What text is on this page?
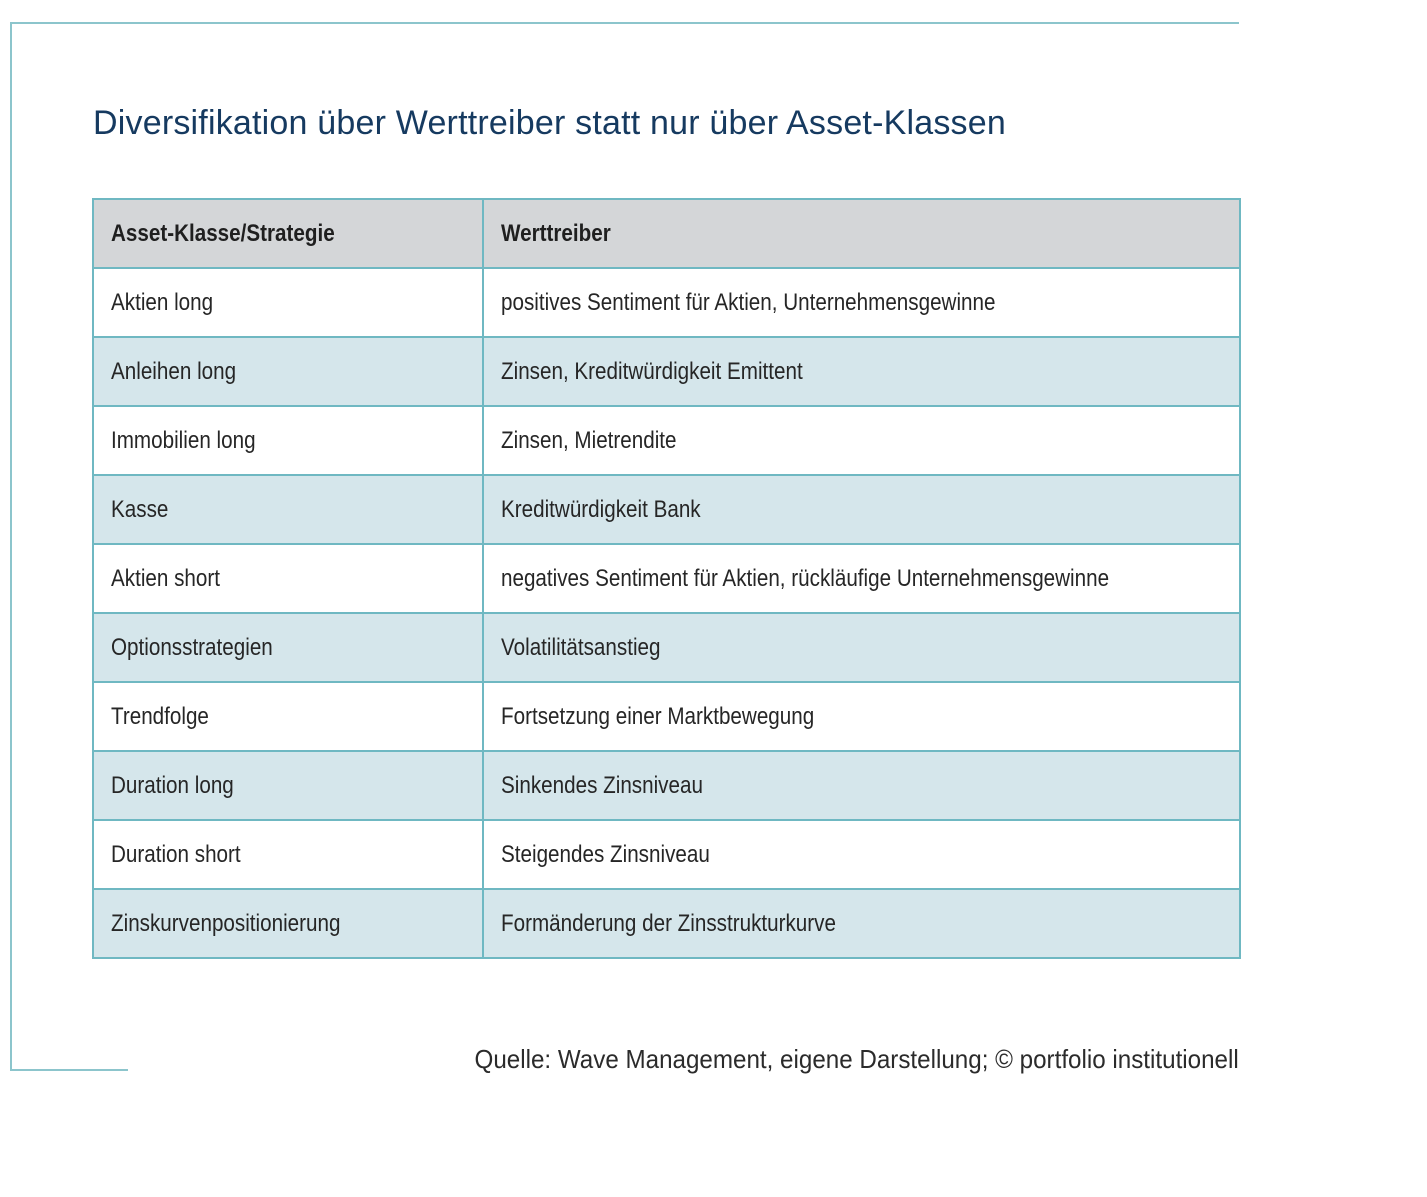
Diversifikation über Werttreiber statt nur über Asset-Klassen
Asset-Klasse/Strategie	Werttreiber
Aktien long	positives Sentiment für Aktien, Unternehmensgewinne
Anleihen long	Zinsen, Kreditwürdigkeit Emittent
Immobilien long	Zinsen, Mietrendite
Kasse	Kreditwürdigkeit Bank
Aktien short	negatives Sentiment für Aktien, rückläufige Unternehmensgewinne
Optionsstrategien	Volatilitätsanstieg
Trendfolge	Fortsetzung einer Marktbewegung
Duration long	Sinkendes Zinsniveau
Duration short	Steigendes Zinsniveau
Zinskurvenpositionierung	Formänderung der Zinsstrukturkurve
Quelle: Wave Management, eigene Darstellung; © portfolio institutionell
